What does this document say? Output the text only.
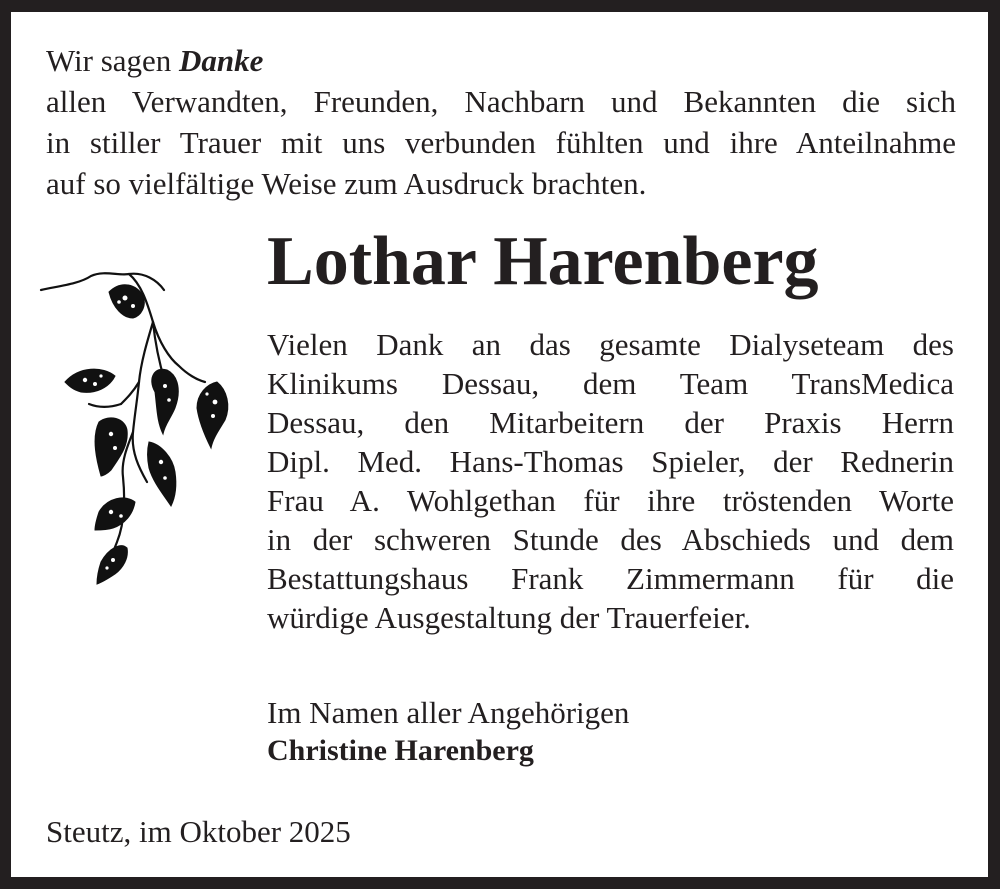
Wir sagen Danke
allen Verwandten, Freunden, Nachbarn und Bekannten die sich
in stiller Trauer mit uns verbunden fühlten und ihre Anteilnahme
auf so vielfältige Weise zum Ausdruck brachten.
Lothar Harenberg
Vielen Dank an das gesamte Dialyseteam des
Klinikums Dessau, dem Team TransMedica
Dessau, den Mitarbeitern der Praxis Herrn
Dipl. Med. Hans-Thomas Spieler, der Rednerin
Frau A. Wohlgethan für ihre tröstenden Worte
in der schweren Stunde des Abschieds und dem
Bestattungshaus Frank Zimmermann für die
würdige Ausgestaltung der Trauerfeier.
Im Namen aller Angehörigen
Christine Harenberg
Steutz, im Oktober 2025
